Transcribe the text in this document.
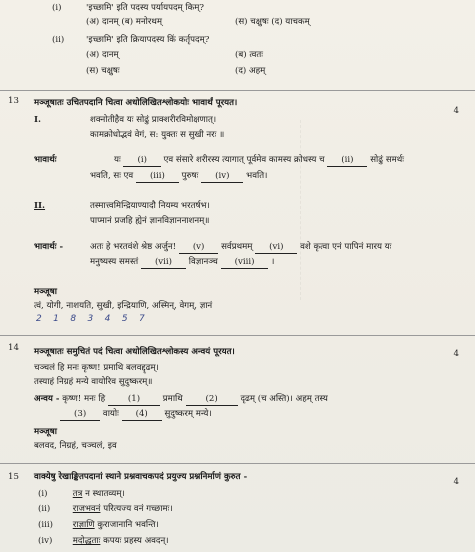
(i)	'इच्छामि' इति पदस्य पर्यायपदम् किम्?
(अ) दानम् (ब) मनोरथम्	(स) चक्षुषः (द) याचकम्
(ii)	'इच्छामि' इति क्रियापदस्य किं कर्तृपदम्?
(अ) दानम्	(ब) त्वतः
(स) चक्षुषः	(द) अहम्
13
4
मञ्जूषातः उचितपदानि चित्वा अधोलिखितश्लोकयोः भावार्थं पूरयत।
I.	शक्नोतीहैव यः सोढुं प्राक्शरीरविमोक्षणात्।
कामक्रोधोद्भवं वेगं, स: युक्तः स सुखी नरः ॥
भावार्थः	यः (i) एव संसारे शरीरस्य त्यागात् पूर्वमेव कामस्य क्रोधस्य च (ii) सोढुं समर्थः
भवति, सः एव (iii) पुरुषः (iv) भवति।
II.	तस्मात्त्वमिन्द्रियाण्यादौ नियम्य भरतर्षभ।
पाप्मानं प्रजहि ह्येनं ज्ञानविज्ञाननाशनम्॥
भावार्थः -	अतः हे भरतवंशे श्रेष्ठ अर्जुन! (v) सर्वप्रथमम् (vi) वशे कृत्वा एनं पापिनं मारय यः
मनुष्यस्य समस्तं (vii) विज्ञानञ्च (viii) ।
मञ्जूषा
त्वं, योगी, नाशयति, सुखी, इन्द्रियाणि, अस्मिन्, वेगम्, ज्ञानं
2    1    8    3    4    5    7
14
4
मञ्जूषातः समुचितं पदं चित्वा अधोलिखितश्लोकस्य अन्वयं पूरयत।
चञ्चलं हि मनः कृष्ण! प्रमाथि बलवद्दृढम्।
तस्याहं निग्रहं मन्ये वायोरिव सुदुष्करम्॥
अन्वय - कृष्ण! मनः हि	(1)	प्रमाथि	(2)	दृढम् (च अस्ति)। अहम् तस्य
(3) वायोः (4) सुदुष्करम् मन्ये।
मञ्जूषा
बलवद, निग्रहं, चञ्चलं, इव
15	4
वाक्येषु रेखाङ्कितपदानां स्थाने प्रश्नवाचकपदं प्रयुज्य प्रश्ननिर्माणं कुरुत -
(i)	तत्र न स्थातव्यम्।
(ii)	राजभवनं परित्यज्य वनं गच्छामः।
(iii) राज्ञाणि कुराजानानि भवन्ति।
(iv) मदोद्धताः कपयः प्रहस्य अवदन्।
